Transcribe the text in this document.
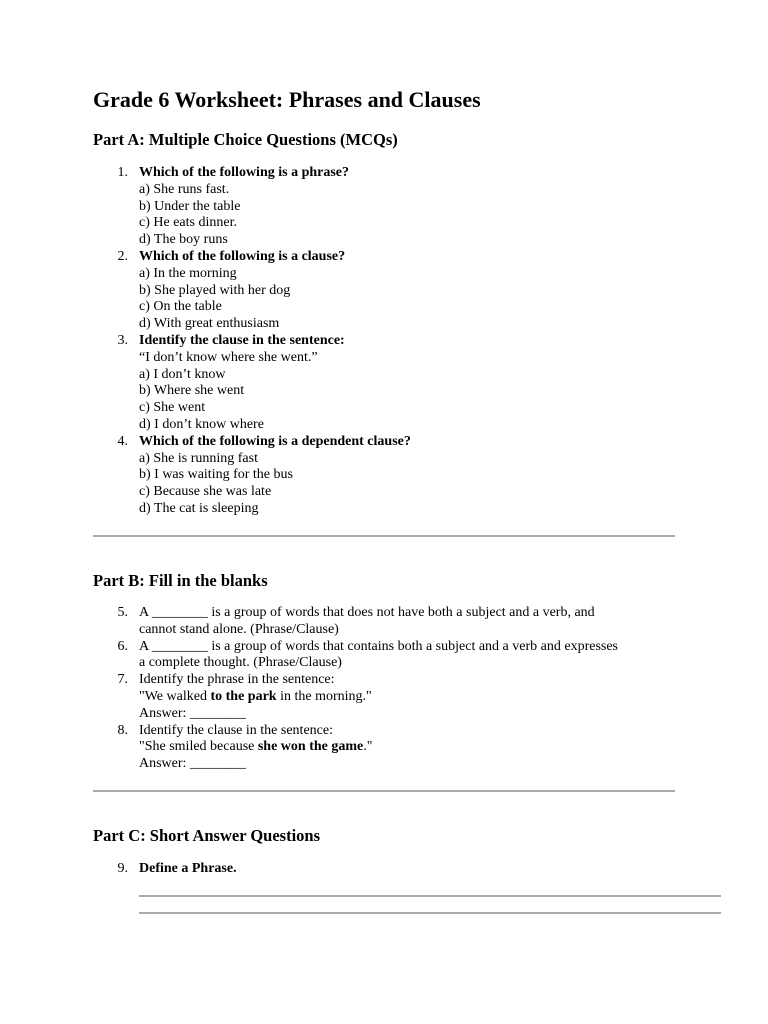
Grade 6 Worksheet: Phrases and Clauses
Part A: Multiple Choice Questions (MCQs)
1. Which of the following is a phrase?
a) She runs fast.
b) Under the table
c) He eats dinner.
d) The boy runs
2. Which of the following is a clause?
a) In the morning
b) She played with her dog
c) On the table
d) With great enthusiasm
3. Identify the clause in the sentence:
“I don’t know where she went.”
a) I don’t know
b) Where she went
c) She went
d) I don’t know where
4. Which of the following is a dependent clause?
a) She is running fast
b) I was waiting for the bus
c) Because she was late
d) The cat is sleeping
Part B: Fill in the blanks
5. A ________ is a group of words that does not have both a subject and a verb, and
cannot stand alone. (Phrase/Clause)
6. A ________ is a group of words that contains both a subject and a verb and expresses
a complete thought. (Phrase/Clause)
7. Identify the phrase in the sentence:
"We walked to the park in the morning."
Answer: ________
8. Identify the clause in the sentence:
"She smiled because she won the game."
Answer: ________
Part C: Short Answer Questions
9. Define a Phrase.
